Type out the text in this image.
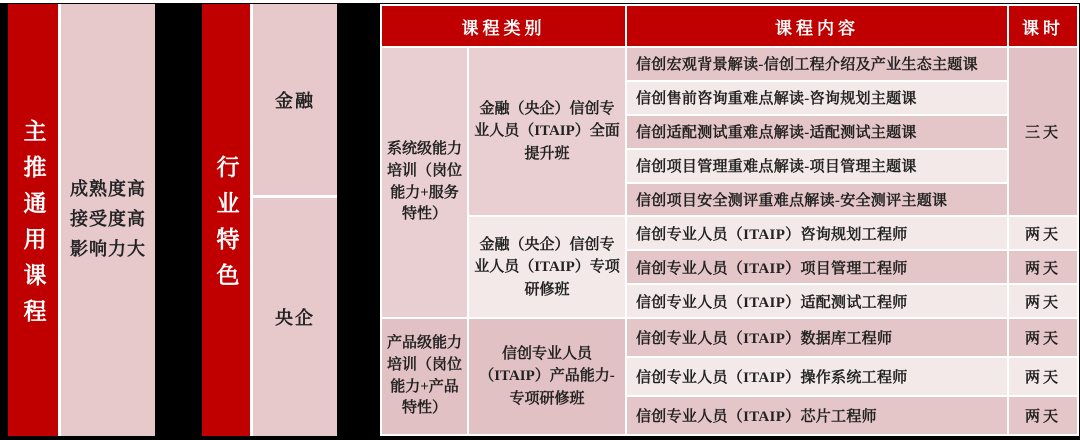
主推通用课程 成熟度高
接受度高
影响力大	行业特色
金融
央企
课程类别		课程内容	课时
系统级能力培训（岗位能力+服务特性）	金融（央企）信创专业人员（ITAIP）全面提升班	信创宏观背景解读-信创工程介绍及产业生态主题课	三天
		信创售前咨询重难点解读-咨询规划主题课	
		信创适配测试重难点解读-适配测试主题课	
		信创项目管理重难点解读-项目管理主题课	
		信创项目安全测评重难点解读-安全测评主题课	
	金融（央企）信创专业人员（ITAIP）专项研修班	信创专业人员（ITAIP）咨询规划工程师	两天
		信创专业人员（ITAIP）项目管理工程师	两天
		信创专业人员（ITAIP）适配测试工程师	两天
产品级能力培训（岗位能力+产品特性）	信创专业人员（ITAIP）产品能力-专项研修班	信创专业人员（ITAIP）数据库工程师	两天
		信创专业人员（ITAIP）操作系统工程师	两天
		信创专业人员（ITAIP）芯片工程师	两天
